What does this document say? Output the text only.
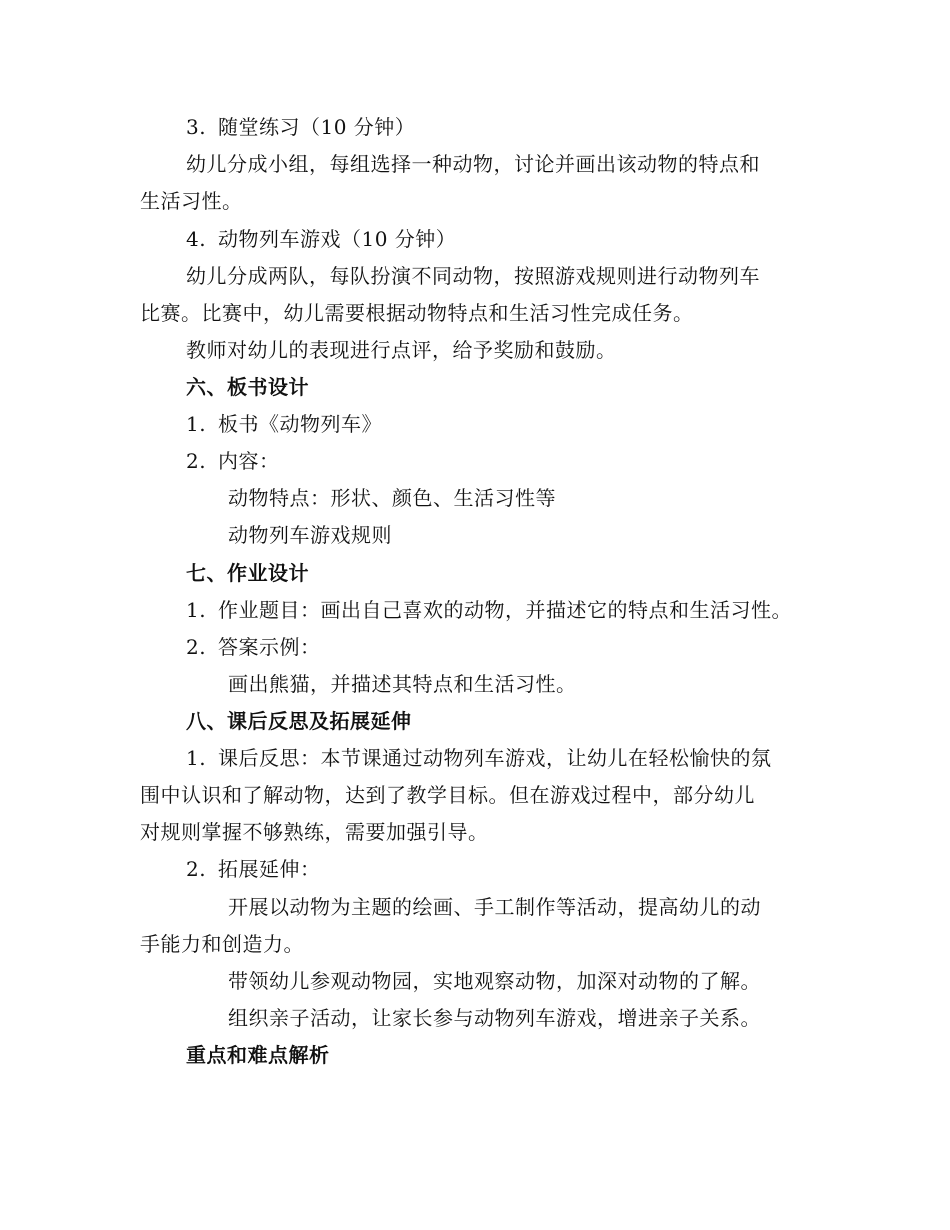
3. 随堂练习（10 分钟）
幼儿分成小组，每组选择一种动物，讨论并画出该动物的特点和
生活习性。
4. 动物列车游戏（10 分钟）
幼儿分成两队，每队扮演不同动物，按照游戏规则进行动物列车
比赛。比赛中，幼儿需要根据动物特点和生活习性完成任务。
教师对幼儿的表现进行点评，给予奖励和鼓励。
六、板书设计
1. 板书《动物列车》
2. 内容：
动物特点：形状、颜色、生活习性等
动物列车游戏规则
七、作业设计
1. 作业题目：画出自己喜欢的动物，并描述它的特点和生活习性。
2. 答案示例：
画出熊猫，并描述其特点和生活习性。
八、课后反思及拓展延伸
1. 课后反思：本节课通过动物列车游戏，让幼儿在轻松愉快的氛
围中认识和了解动物，达到了教学目标。但在游戏过程中，部分幼儿
对规则掌握不够熟练，需要加强引导。
2. 拓展延伸：
开展以动物为主题的绘画、手工制作等活动，提高幼儿的动
手能力和创造力。
带领幼儿参观动物园，实地观察动物，加深对动物的了解。
组织亲子活动，让家长参与动物列车游戏，增进亲子关系。
重点和难点解析
